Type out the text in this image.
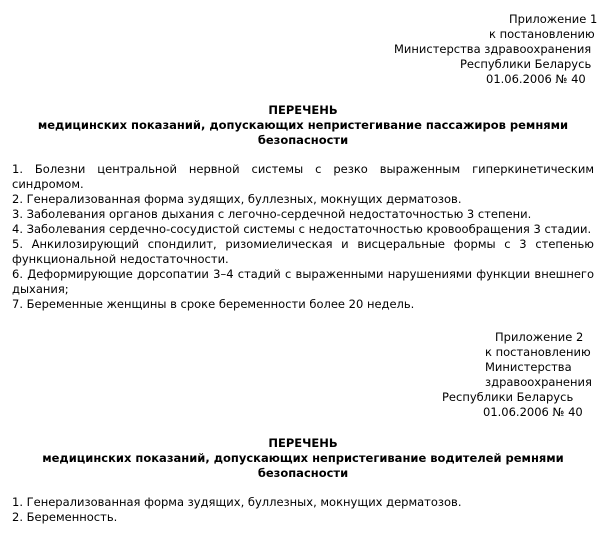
Приложение 1
к постановлению
Министерства здравоохранения
Республики Беларусь
01.06.2006 № 40
ПЕРЕЧЕНЬ
медицинских показаний, допускающих непристегивание пассажиров ремнями
безопасности
1. Болезни центральной нервной системы с резко выраженным гиперкинетическим синдромом.
2. Генерализованная форма зудящих, буллезных, мокнущих дерматозов.
3. Заболевания органов дыхания с легочно-сердечной недостаточностью 3 степени.
4. Заболевания сердечно-сосудистой системы с недостаточностью кровообращения 3 стадии.
5. Анкилозирующий спондилит, ризомиелическая и висцеральные формы с 3 степенью функциональной недостаточности.
6. Деформирующие дорсопатии 3–4 стадий с выраженными нарушениями функции внешнего дыхания;
7. Беременные женщины в сроке беременности более 20 недель.
Приложение 2
к постановлению
Министерства
здравоохранения
Республики Беларусь
01.06.2006 № 40
ПЕРЕЧЕНЬ
медицинских показаний, допускающих непристегивание водителей ремнями
безопасности
1. Генерализованная форма зудящих, буллезных, мокнущих дерматозов.
2. Беременность.
